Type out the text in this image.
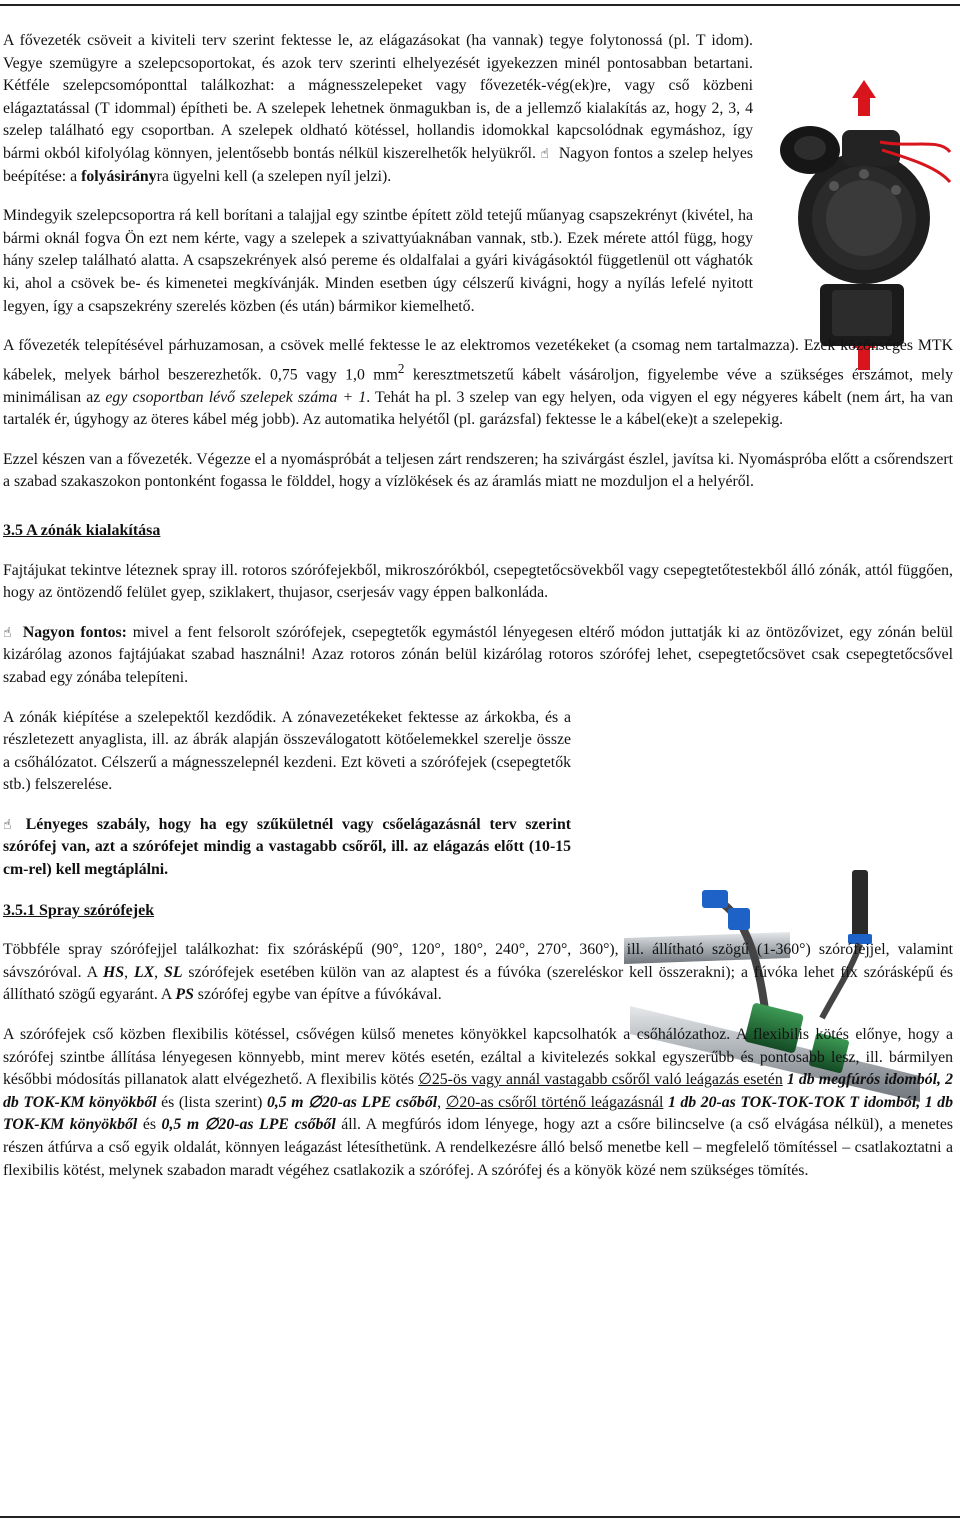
A fővezeték csöveit a kiviteli terv szerint fektesse le, az elágazásokat (ha vannak) tegye folytonossá (pl. T idom). Vegye szemügyre a szelepcsoportokat, és azok terv szerinti elhelyezését igyekezzen minél pontosabban betartani. Kétféle szelepcsomóponttal találkozhat: a mágnesszelepeket vagy fővezeték-vég(ek)re, vagy cső közbeni elágaztatással (T idommal) építheti be. A szelepek lehetnek önmagukban is, de a jellemző kialakítás az, hogy 2, 3, 4 szelep található egy csoportban. A szelepek oldható kötéssel, hollandis idomokkal kapcsolódnak egymáshoz, így bármi okból kifolyólag könnyen, jelentősebb bontás nélkül kiszerelhetők helyükről. ☝ Nagyon fontos a szelep helyes beépítése: a folyásirányra ügyelni kell (a szelepen nyíl jelzi).

Mindegyik szelepcsoportra rá kell borítani a talajjal egy szintbe épített zöld tetejű műanyag csapszekrényt (kivétel, ha bármi oknál fogva Ön ezt nem kérte, vagy a szelepek a szivattyúaknában vannak, stb.). Ezek mérete attól függ, hogy hány szelep található alatta. A csapszekrények alsó pereme és oldalfalai a gyári kivágásoktól függetlenül ott vághatók ki, ahol a csövek be- és kimenetei megkívánják. Minden esetben úgy célszerű kivágni, hogy a nyílás lefelé nyitott legyen, így a csapszekrény szerelés közben (és után) bármikor kiemelhető.

A fővezeték telepítésével párhuzamosan, a csövek mellé fektesse le az elektromos vezetékeket (a csomag nem tartalmazza). Ezek közönséges MTK kábelek, melyek bárhol beszerezhetők. 0,75 vagy 1,0 $mm^2$ keresztmetszetű kábelt vásároljon, figyelembe véve a szükséges érszámot, mely minimálisan az egy csoportban lévő szelepek száma + 1. Tehát ha pl. 3 szelep van egy helyen, oda vigyen el egy négyeres kábelt (nem árt, ha van tartalék ér, úgyhogy az öteres kábel még jobb). Az automatika helyétől (pl. garázsfal) fektesse le a kábel(eke)t a szelepekig.

Ezzel készen van a fővezeték. Végezze el a nyomáspróbát a teljesen zárt rendszeren; ha szivárgást észlel, javítsa ki. Nyomáspróba előtt a csőrendszert a szabad szakaszokon pontonként fogassa le földdel, hogy a vízlökések és az áramlás miatt ne mozduljon el a helyéről.

3.5 A zónák kialakítása

Fajtájukat tekintve léteznek spray ill. rotoros szórófejekből, mikroszórókból, csepegtetőcsövekből vagy csepegtetőtestekből álló zónák, attól függően, hogy az öntözendő felület gyep, sziklakert, thujasor, cserjesáv vagy éppen balkonláda.

☝ Nagyon fontos: mivel a fent felsorolt szórófejek, csepegtetők egymástól lényegesen eltérő módon juttatják ki az öntözővizet, egy zónán belül kizárólag azonos fajtájúakat szabad használni! Azaz rotoros zónán belül kizárólag rotoros szórófej lehet, csepegtetőcsövet csak csepegtetőcsővel szabad egy zónába telepíteni.

A zónák kiépítése a szelepektől kezdődik. A zónavezetékeket fektesse az árkokba, és a részletezett anyaglista, ill. az ábrák alapján összeválogatott kötőelemekkel szerelje össze a csőhálózatot. Célszerű a mágnesszelepnél kezdeni. Ezt követi a szórófejek (csepegtetők stb.) felszerelése.

☝ Lényeges szabály, hogy ha egy szűkületnél vagy csőelágazásnál terv szerint szórófej van, azt a szórófejet mindig a vastagabb csőről, ill. az elágazás előtt (10-15 cm-rel) kell megtáplálni.

3.5.1 Spray szórófejek

Többféle spray szórófejjel találkozhat: fix szórásképű (90°, 120°, 180°, 240°, 270°, 360°), ill. állítható szögű (1-360°) szórófejjel, valamint sávszóróval. A HS, LX, SL szórófejek esetében külön van az alaptest és a fúvóka (szereléskor kell összerakni); a fúvóka lehet fix szórásképű és állítható szögű egyaránt. A PS szórófej egybe van építve a fúvókával.

A szórófejek cső közben flexibilis kötéssel, csővégen külső menetes könyökkel kapcsolhatók a csőhálózathoz. A flexibilis kötés előnye, hogy a szórófej szintbe állítása lényegesen könnyebb, mint merev kötés esetén, ezáltal a kivitelezés sokkal egyszerűbb és pontosabb lesz, ill. bármilyen későbbi módosítás pillanatok alatt elvégezhető. A flexibilis kötés ∅25-ös vagy annál vastagabb csőről való leágazás esetén 1 db megfúrós idomból, 2 db TOK-KM könyökből és (lista szerint) 0,5 m ∅20-as LPE csőből, ∅20-as csőről történő leágazásnál 1 db 20-as TOK-TOK-TOK T idomból, 1 db TOK-KM könyökből és 0,5 m ∅20-as LPE csőből áll. A megfúrós idom lényege, hogy azt a csőre bilincselve (a cső elvágása nélkül), a menetes részen átfúrva a cső egyik oldalát, könnyen leágazást létesíthetünk. A rendelkezésre álló belső menetbe kell – megfelelő tömítéssel – csatlakoztatni a flexibilis kötést, melynek szabadon maradt végéhez csatlakozik a szórófej. A szórófej és a könyök közé nem szükséges tömítés.
